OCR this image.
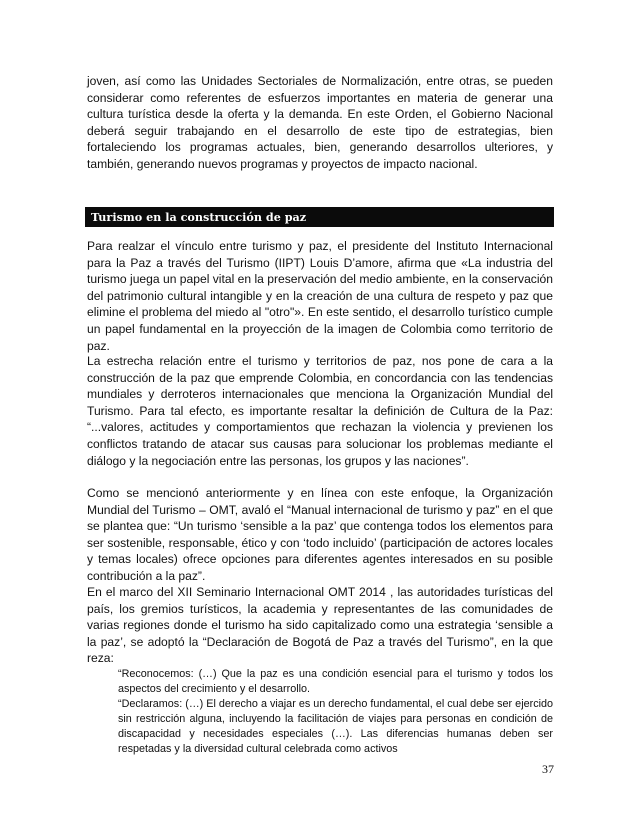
joven, así como las Unidades Sectoriales de Normalización, entre otras, se pueden considerar como referentes de esfuerzos importantes en materia de generar una cultura turística desde la oferta y la demanda. En este Orden, el Gobierno Nacional deberá seguir trabajando en el desarrollo de este tipo de estrategias, bien fortaleciendo los programas actuales, bien, generando desarrollos ulteriores, y también, generando nuevos programas y proyectos de impacto nacional.

Turismo en la construcción de paz

Para realzar el vínculo entre turismo y paz, el presidente del Instituto Internacional para la Paz a través del Turismo (IIPT) Louis D’amore, afirma que «La industria del turismo juega un papel vital en la preservación del medio ambiente, en la conservación del patrimonio cultural intangible y en la creación de una cultura de respeto y paz que elimine el problema del miedo al "otro"». En este sentido, el desarrollo turístico cumple un papel fundamental en la proyección de la imagen de Colombia como territorio de paz.

La estrecha relación entre el turismo y territorios de paz, nos pone de cara a la construcción de la paz que emprende Colombia, en concordancia con las tendencias mundiales y derroteros internacionales que menciona la Organización Mundial del Turismo. Para tal efecto, es importante resaltar la definición de Cultura de la Paz: “...valores, actitudes y comportamientos que rechazan la violencia y previenen los conflictos tratando de atacar sus causas para solucionar los problemas mediante el diálogo y la negociación entre las personas, los grupos y las naciones”.

Como se mencionó anteriormente y en línea con este enfoque, la Organización Mundial del Turismo – OMT, avaló el “Manual internacional de turismo y paz” en el que se plantea que: “Un turismo ‘sensible a la paz’ que contenga todos los elementos para ser sostenible, responsable, ético y con ‘todo incluido’ (participación de actores locales y temas locales) ofrece opciones para diferentes agentes interesados en su posible contribución a la paz”.

En el marco del XII Seminario Internacional OMT 2014 , las autoridades turísticas del país, los gremios turísticos, la academia y representantes de las comunidades de varias regiones donde el turismo ha sido capitalizado como una estrategia ‘sensible a la paz’, se adoptó la “Declaración de Bogotá de Paz a través del Turismo”, en la que reza:

“Reconocemos: (…) Que la paz es una condición esencial para el turismo y todos los aspectos del crecimiento y el desarrollo.

“Declaramos: (…) El derecho a viajar es un derecho fundamental, el cual debe ser ejercido sin restricción alguna, incluyendo la facilitación de viajes para personas en condición de discapacidad y necesidades especiales (…). Las diferencias humanas deben ser respetadas y la diversidad cultural celebrada como activos

37
